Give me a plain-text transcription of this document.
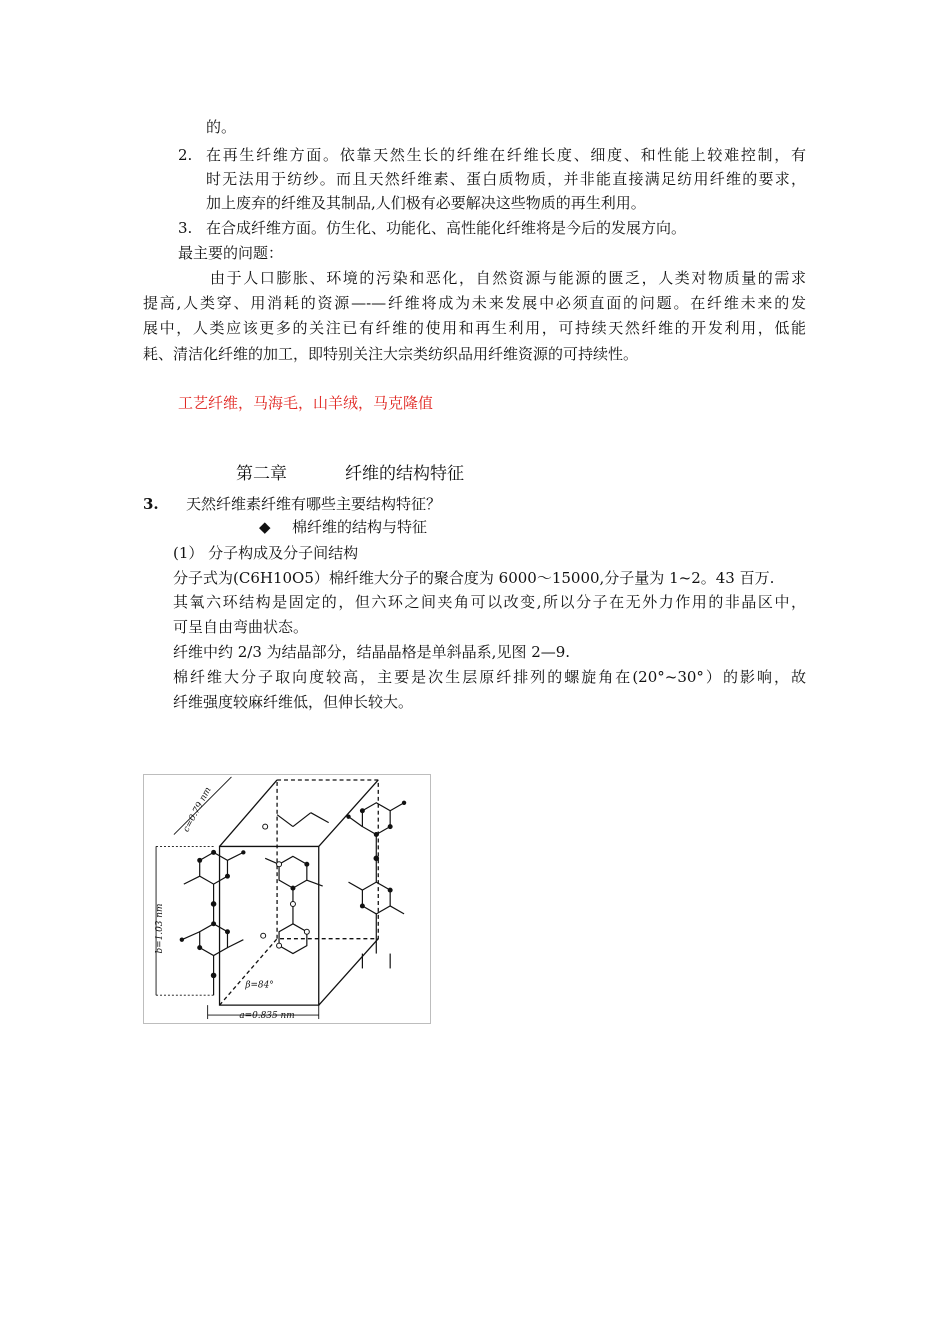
的。
2. 在再生纤维方面。依靠天然生长的纤维在纤维长度、细度、和性能上较难控制，有
时无法用于纺纱。而且天然纤维素、蛋白质物质，并非能直接满足纺用纤维的要求，
加上废弃的纤维及其制品,人们极有必要解决这些物质的再生利用。
3. 在合成纤维方面。仿生化、功能化、高性能化纤维将是今后的发展方向。
最主要的问题：
由于人口膨胀、环境的污染和恶化，自然资源与能源的匮乏，人类对物质量的需求
提高,人类穿、用消耗的资源—-—纤维将成为未来发展中必须直面的问题。在纤维未来的发
展中，人类应该更多的关注已有纤维的使用和再生利用，可持续天然纤维的开发利用，低能
耗、清洁化纤维的加工，即特别关注大宗类纺织品用纤维资源的可持续性。
工艺纤维，马海毛，山羊绒，马克隆值
第二章	纤维的结构特征
3. 天然纤维素纤维有哪些主要结构特征？
◆ 棉纤维的结构与特征
(1） 分子构成及分子间结构
分子式为(C6H10O5）棉纤维大分子的聚合度为 6000～15000,分子量为 1~2。43 百万.
其氧六环结构是固定的，但六环之间夹角可以改变,所以分子在无外力作用的非晶区中，
可呈自由弯曲状态。
纤维中约 2/3 为结晶部分，结晶晶格是单斜晶系,见图 2—9.
棉纤维大分子取向度较高，主要是次生层原纤排列的螺旋角在(20°~30°）的影响，故
纤维强度较麻纤维低，但伸长较大。
c=0.79 nm
b=1.03 nm
a=0.835 nm
β=84°
